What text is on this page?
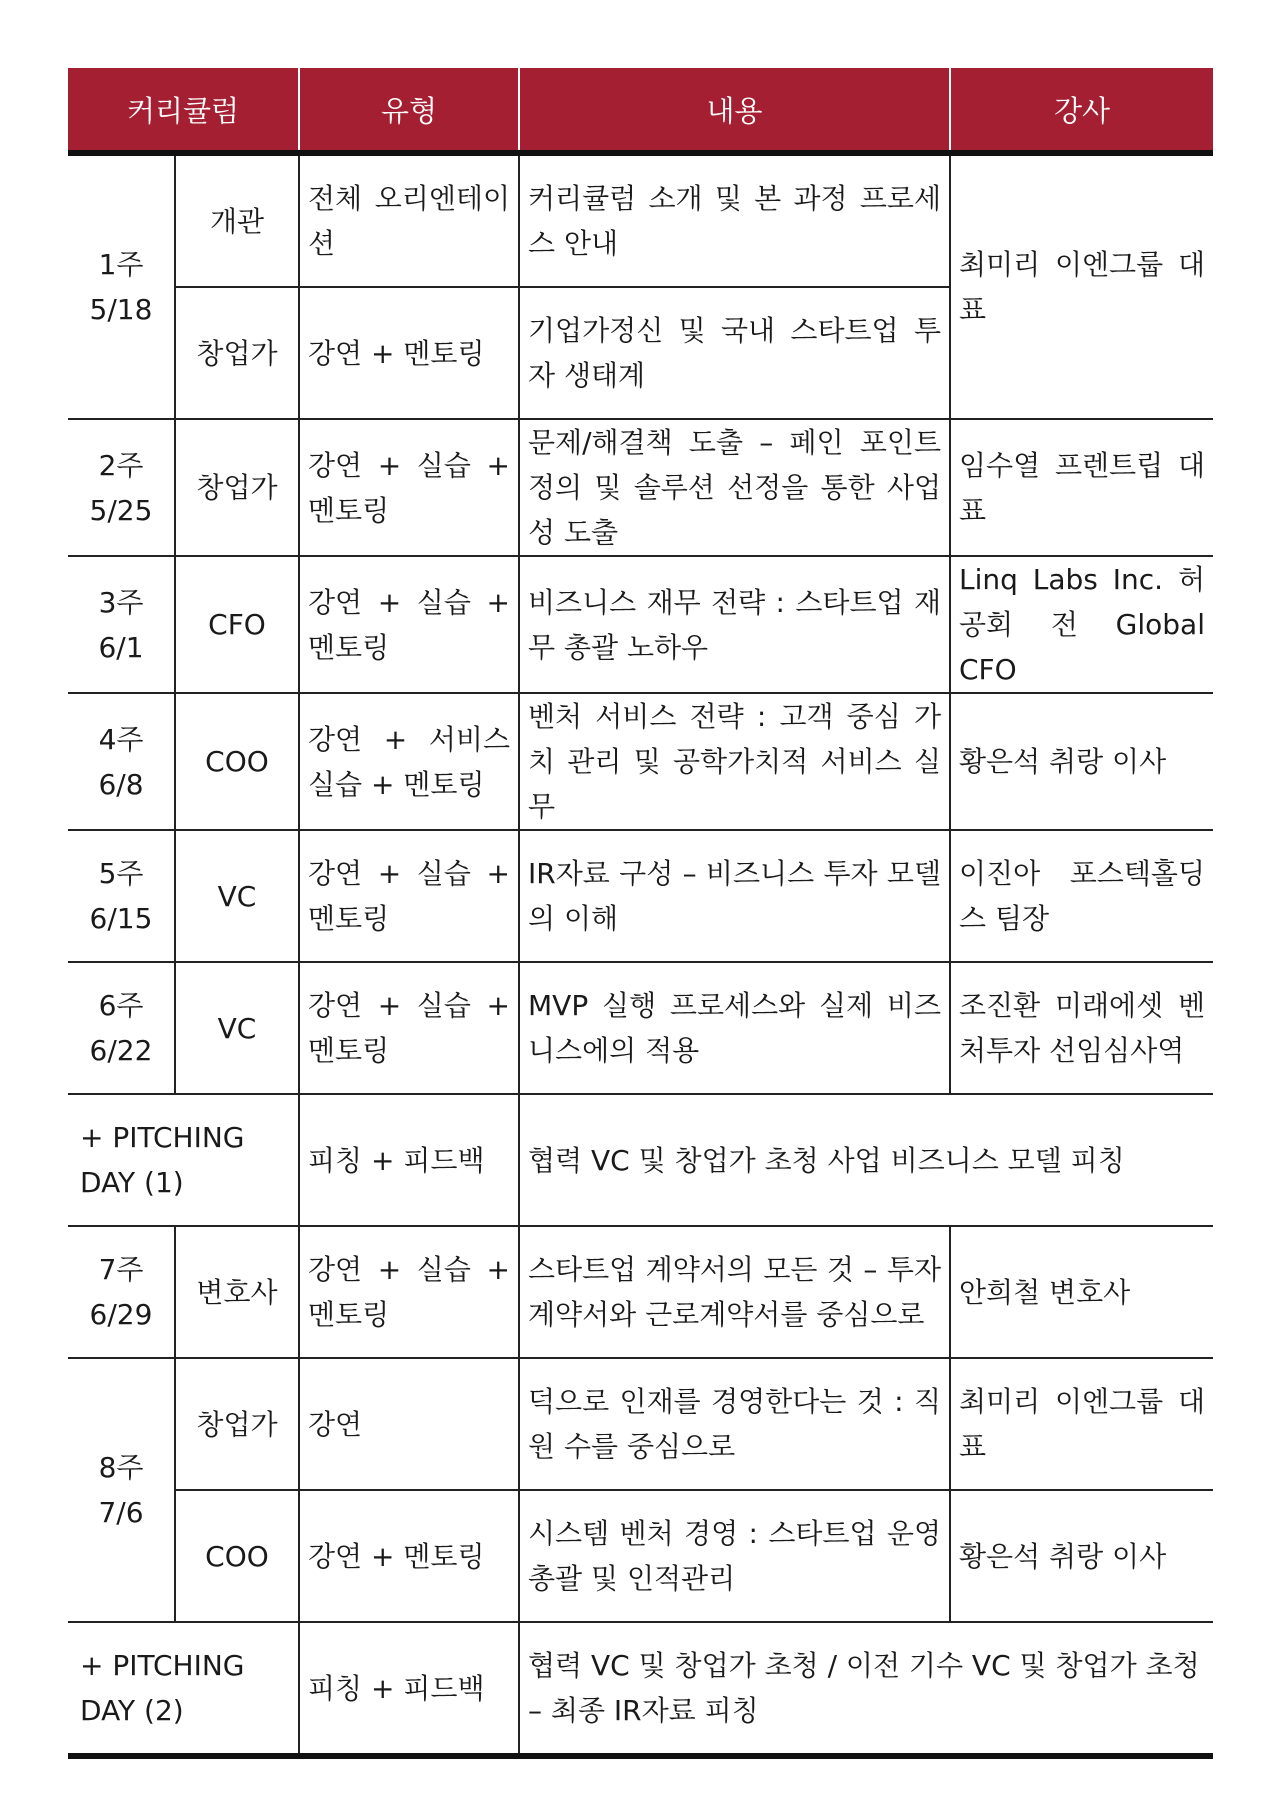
커리큘럼		유형	내용	강사
1주
5/18	개관	전체 오리엔테이션	커리큘럼 소개 및 본 과정 프로세스 안내	최미리 이엔그룹 대표
	창업가	강연 + 멘토링	기업가정신 및 국내 스타트업 투자 생태계	
2주
5/25	창업가	강연 + 실습 + 멘토링	문제/해결책 도출 – 페인 포인트 정의 및 솔루션 선정을 통한 사업성 도출	임수열 프렌트립 대표
3주
6/1	CFO	강연 + 실습 + 멘토링	비즈니스 재무 전략 : 스타트업 재무 총괄 노하우	Linq Labs Inc. 허공회 전 Global CFO
4주
6/8	COO	강연 + 서비스 실습 + 멘토링	벤처 서비스 전략 : 고객 중심 가치 관리 및 공학가치적 서비스 실무	황은석 취랑 이사
5주
6/15	VC	강연 + 실습 + 멘토링	IR자료 구성 – 비즈니스 투자 모델의 이해	이진아 포스텍홀딩스 팀장
6주
6/22	VC	강연 + 실습 + 멘토링	MVP 실행 프로세스와 실제 비즈니스에의 적용	조진환 미래에셋 벤처투자 선임심사역
+ PITCHING DAY (1)		피칭 + 피드백	협력 VC 및 창업가 초청 사업 비즈니스 모델 피칭	
7주
6/29	변호사	강연 + 실습 + 멘토링	스타트업 계약서의 모든 것 – 투자계약서와 근로계약서를 중심으로	안희철 변호사
8주
7/6	창업가	강연	덕으로 인재를 경영한다는 것 : 직원 수를 중심으로	최미리 이엔그룹 대표
	COO	강연 + 멘토링	시스템 벤처 경영 : 스타트업 운영총괄 및 인적관리	황은석 취랑 이사
+ PITCHING DAY (2)		피칭 + 피드백	협력 VC 및 창업가 초청 / 이전 기수 VC 및 창업가 초청 – 최종 IR자료 피칭	
